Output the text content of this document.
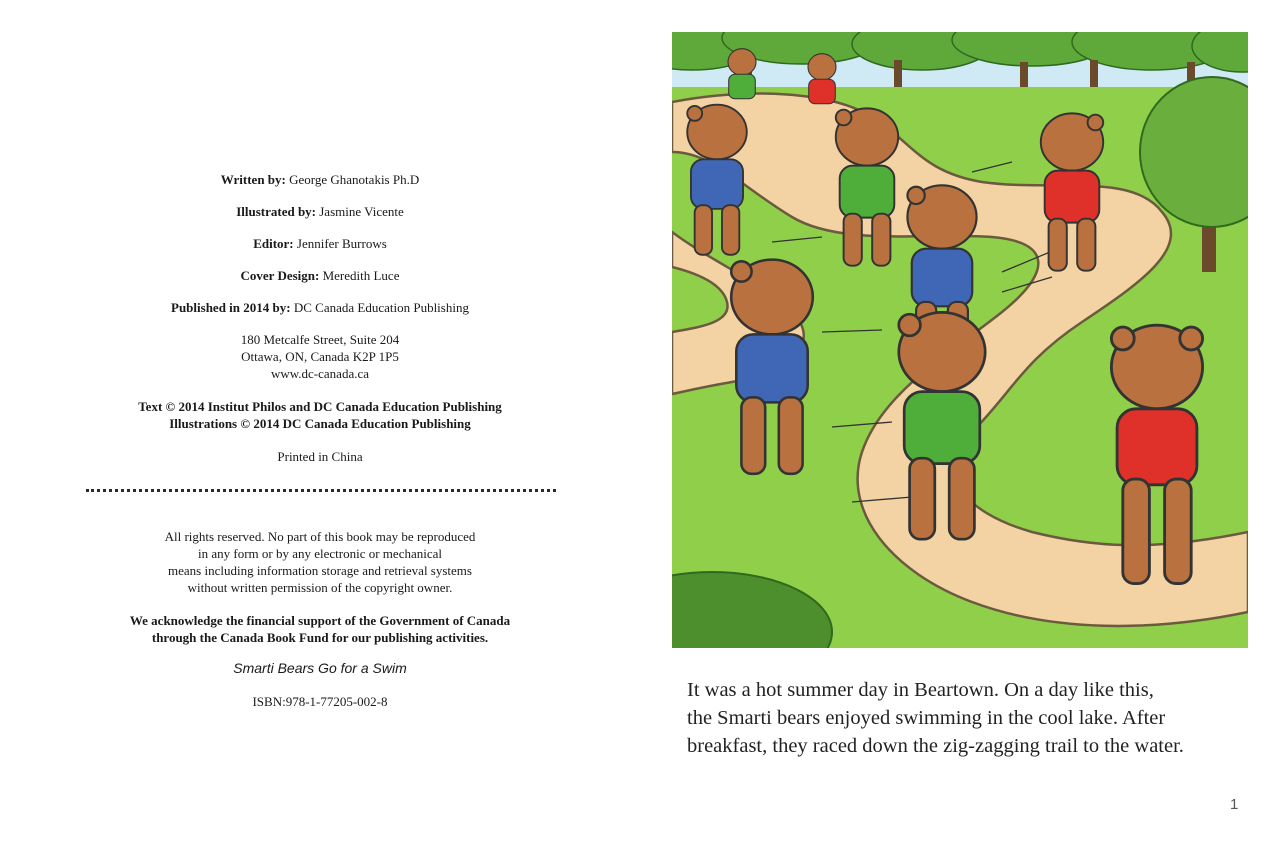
Written by: George Ghanotakis Ph.D
Illustrated by: Jasmine Vicente
Editor: Jennifer Burrows
Cover Design: Meredith Luce
Published in 2014 by: DC Canada Education Publishing
180 Metcalfe Street, Suite 204
Ottawa, ON, Canada K2P 1P5
www.dc-canada.ca
Text © 2014 Institut Philos and DC Canada Education Publishing
Illustrations © 2014 DC Canada Education Publishing
Printed in China
All rights reserved. No part of this book may be reproduced
in any form or by any electronic or mechanical
means including information storage and retrieval systems
without written permission of the copyright owner.
We acknowledge the financial support of the Government of Canada
through the Canada Book Fund for our publishing activities.
Smarti Bears Go for a Swim
ISBN:978-1-77205-002-8
It was a hot summer day in Beartown. On a day like this,
the Smarti bears enjoyed swimming in the cool lake. After
breakfast, they raced down the zig-zagging trail to the water.
1
